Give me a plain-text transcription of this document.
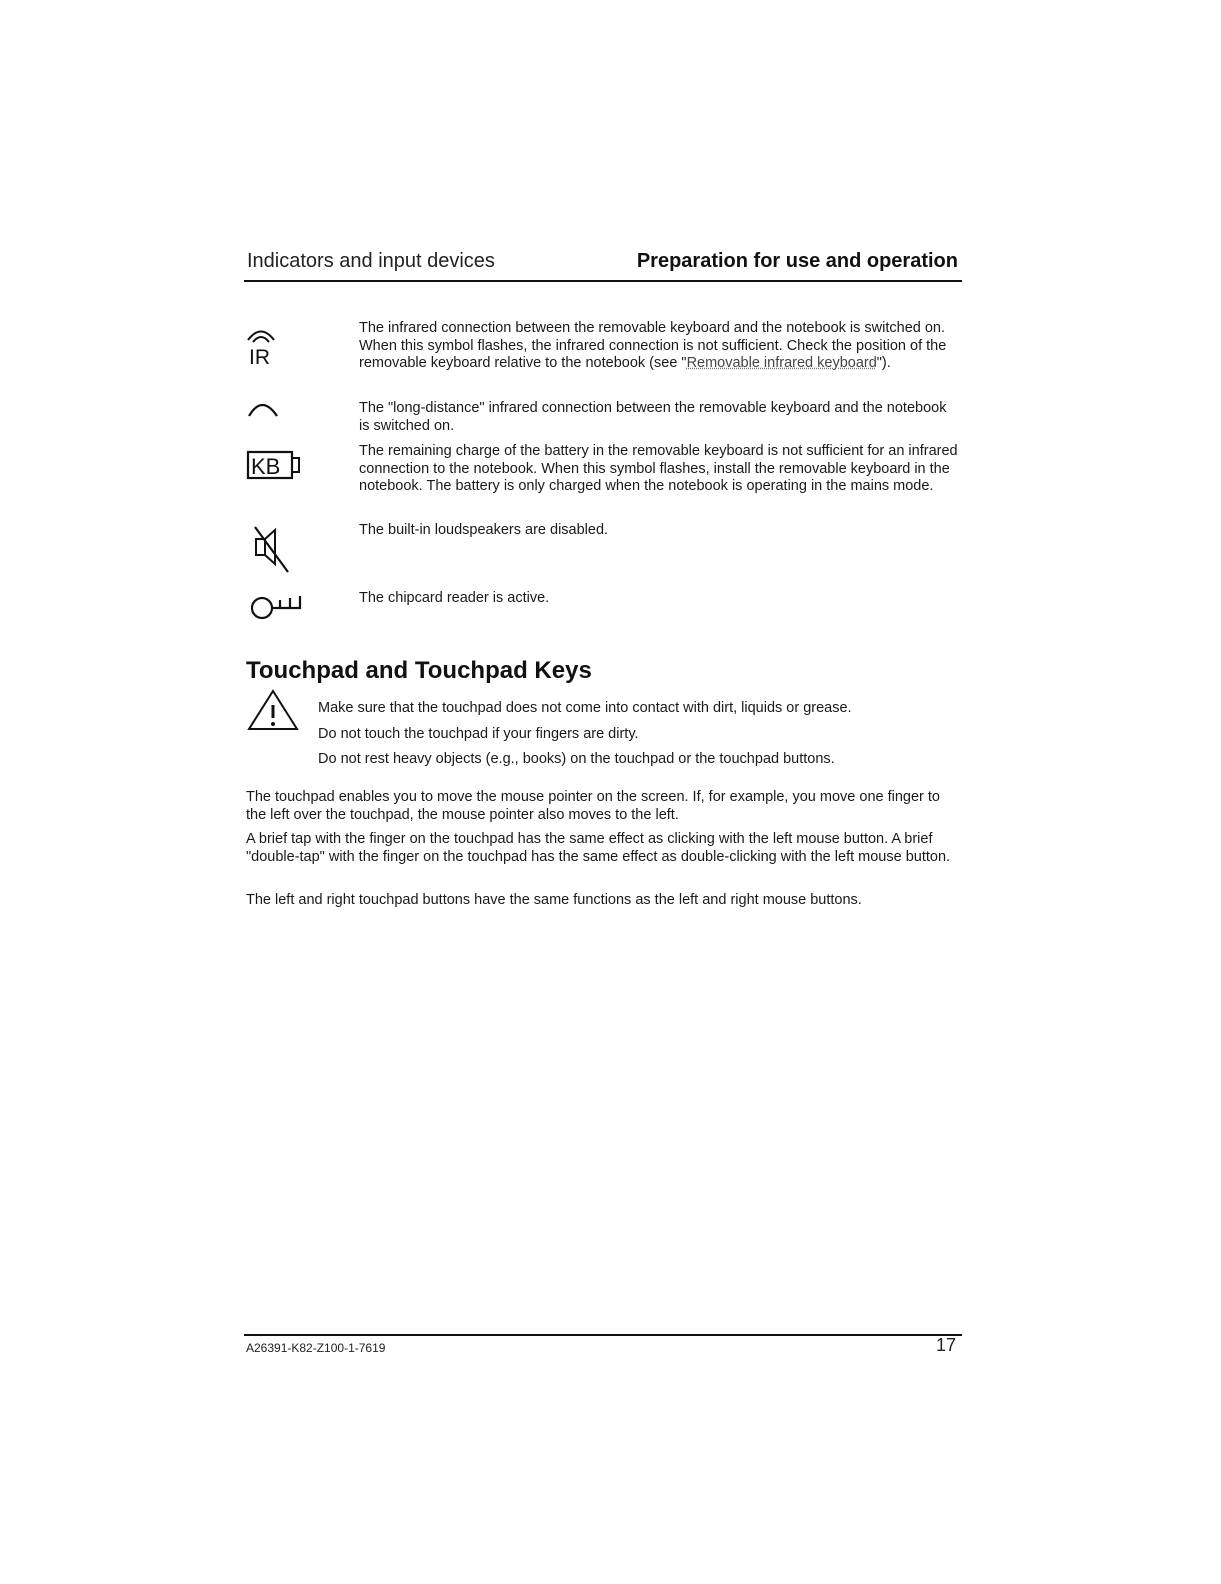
Indicators and input devices	Preparation for use and operation
IR
The infrared connection between the removable keyboard and the notebook is switched on. When this symbol flashes, the infrared connection is not sufficient. Check the position of the removable keyboard relative to the notebook (see "Removable infrared keyboard").
The "long-distance" infrared connection between the removable keyboard and the notebook is switched on.
KB
The remaining charge of the battery in the removable keyboard is not sufficient for an infrared connection to the notebook. When this symbol flashes, install the removable keyboard in the notebook. The battery is only charged when the notebook is operating in the mains mode.
The built-in loudspeakers are disabled.
The chipcard reader is active.
Touchpad and Touchpad Keys
Make sure that the touchpad does not come into contact with dirt, liquids or grease.
Do not touch the touchpad if your fingers are dirty.
Do not rest heavy objects (e.g., books) on the touchpad or the touchpad buttons.
The touchpad enables you to move the mouse pointer on the screen. If, for example, you move one finger to the left over the touchpad, the mouse pointer also moves to the left.
A brief tap with the finger on the touchpad has the same effect as clicking with the left mouse button. A brief "double-tap" with the finger on the touchpad has the same effect as double-clicking with the left mouse button.
The left and right touchpad buttons have the same functions as the left and right mouse buttons.
A26391-K82-Z100-1-7619	17
